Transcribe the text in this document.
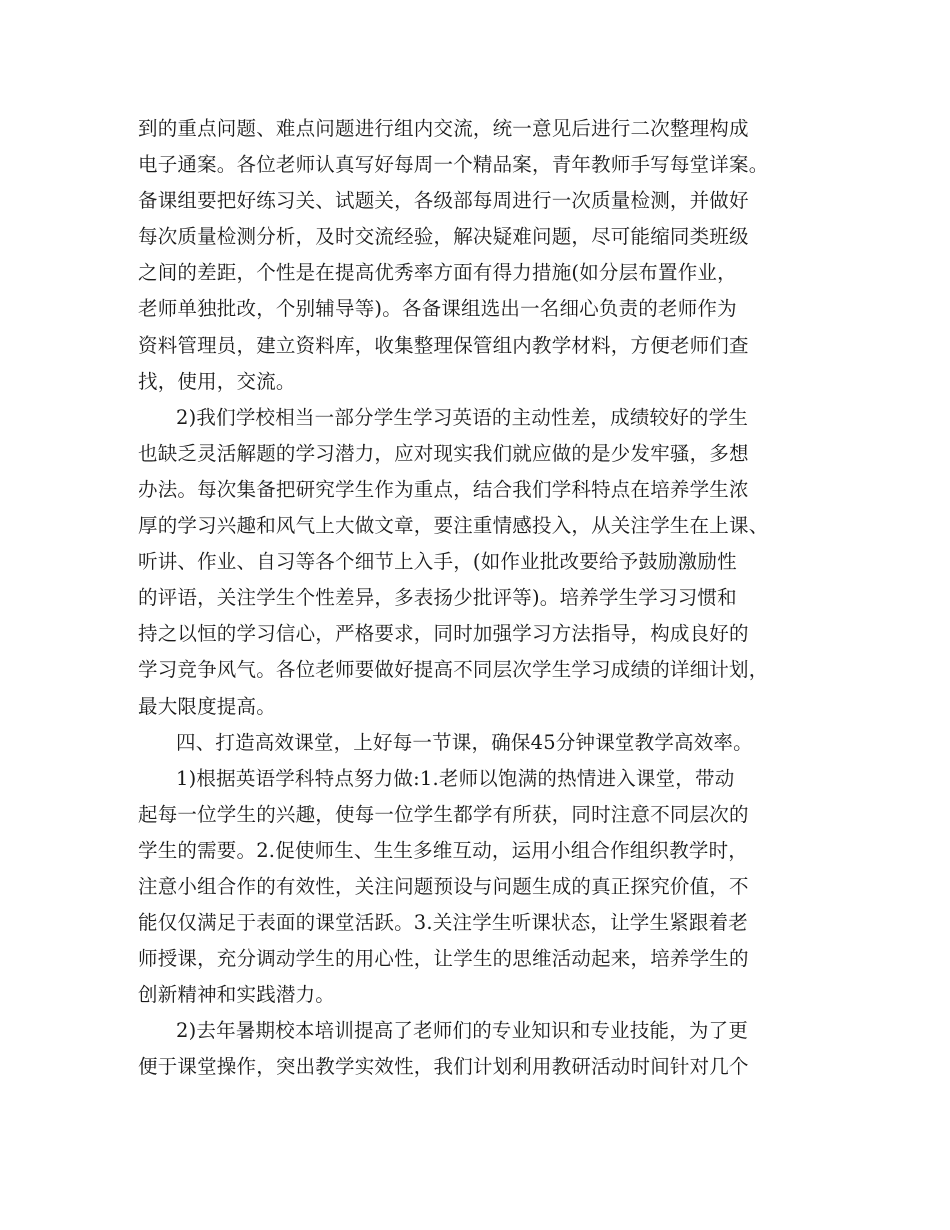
到的重点问题、难点问题进行组内交流，统一意见后进行二次整理构成
电子通案。各位老师认真写好每周一个精品案，青年教师手写每堂详案。
备课组要把好练习关、试题关，各级部每周进行一次质量检测，并做好
每次质量检测分析，及时交流经验，解决疑难问题，尽可能缩同类班级
之间的差距，个性是在提高优秀率方面有得力措施(如分层布置作业，
老师单独批改，个别辅导等)。各备课组选出一名细心负责的老师作为
资料管理员，建立资料库，收集整理保管组内教学材料，方便老师们查
找，使用，交流。
2)我们学校相当一部分学生学习英语的主动性差，成绩较好的学生
也缺乏灵活解题的学习潜力，应对现实我们就应做的是少发牢骚，多想
办法。每次集备把研究学生作为重点，结合我们学科特点在培养学生浓
厚的学习兴趣和风气上大做文章，要注重情感投入，从关注学生在上课、
听讲、作业、自习等各个细节上入手，(如作业批改要给予鼓励激励性
的评语，关注学生个性差异，多表扬少批评等)。培养学生学习习惯和
持之以恒的学习信心，严格要求，同时加强学习方法指导，构成良好的
学习竞争风气。各位老师要做好提高不同层次学生学习成绩的详细计划，
最大限度提高。
四、打造高效课堂，上好每一节课，确保45分钟课堂教学高效率。
1)根据英语学科特点努力做:1.老师以饱满的热情进入课堂，带动
起每一位学生的兴趣，使每一位学生都学有所获，同时注意不同层次的
学生的需要。2.促使师生、生生多维互动，运用小组合作组织教学时，
注意小组合作的有效性，关注问题预设与问题生成的真正探究价值，不
能仅仅满足于表面的课堂活跃。3.关注学生听课状态，让学生紧跟着老
师授课，充分调动学生的用心性，让学生的思维活动起来，培养学生的
创新精神和实践潜力。
2)去年暑期校本培训提高了老师们的专业知识和专业技能，为了更
便于课堂操作，突出教学实效性，我们计划利用教研活动时间针对几个
